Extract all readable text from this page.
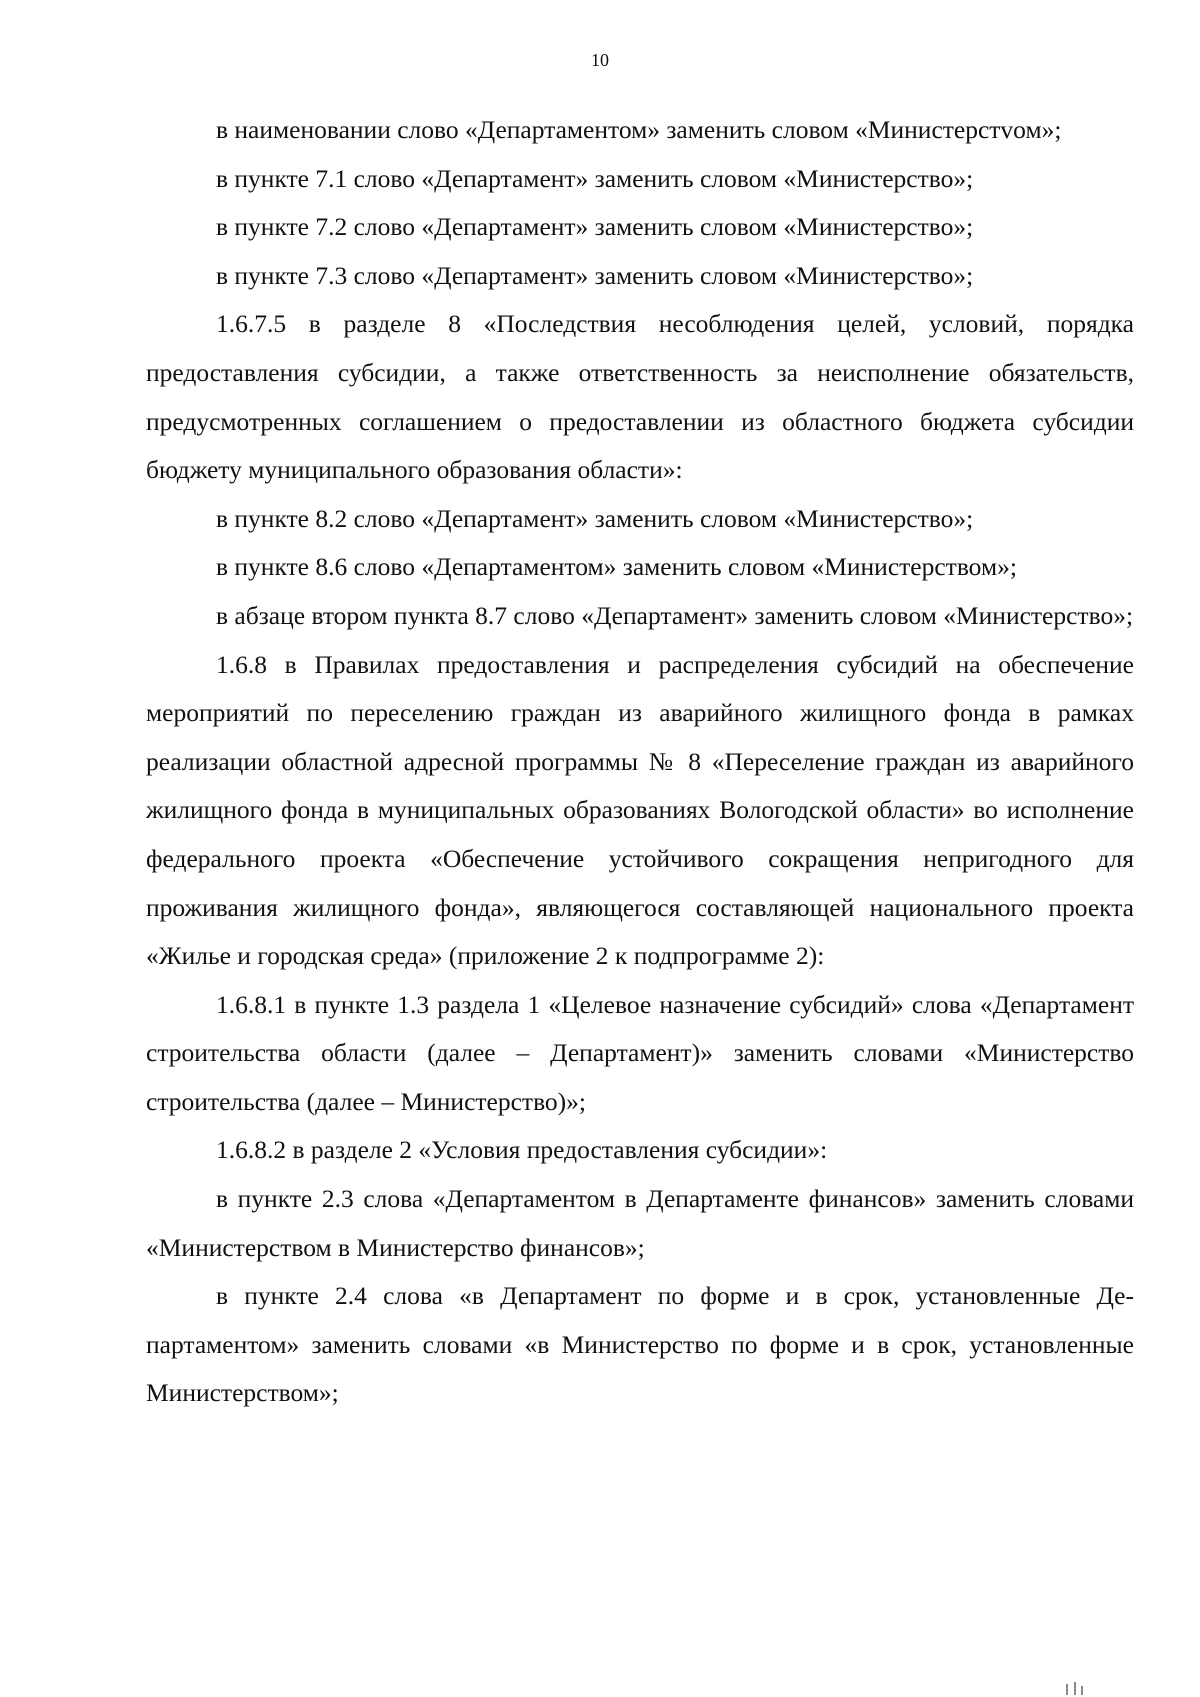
10

в наименовании слово «Департаментом» заменить словом «Министерстvом»;

в пункте 7.1 слово «Департамент» заменить словом «Министерство»;

в пункте 7.2 слово «Департамент» заменить словом «Министерство»;

в пункте 7.3 слово «Департамент» заменить словом «Министерство»;

1.6.7.5 в разделе 8 «Последствия несоблюдения целей, условий, порядка предоставления субсидии, а также ответственность за неисполнение обязательств, предусмотренных соглашением о предоставлении из областного бюджета субсидии бюджету муниципального образования области»:

в пункте 8.2 слово «Департамент» заменить словом «Министерство»;

в пункте 8.6 слово «Департаментом» заменить словом «Министерством»;

в абзаце втором пункта 8.7 слово «Департамент» заменить словом «Министерство»;

1.6.8 в Правилах предоставления и распределения субсидий на обеспечение мероприятий по переселению граждан из аварийного жилищного фонда в рамках реализации областной адресной программы № 8 «Переселение граждан из аварийного жилищного фонда в муниципальных образованиях Вологодской области» во исполнение федерального проекта «Обеспечение устойчивого сокращения непригодного для проживания жилищного фонда», являющегося составляющей национального проекта «Жилье и городская среда» (приложение 2 к подпрограмме 2):

1.6.8.1 в пункте 1.3 раздела 1 «Целевое назначение субсидий» слова «Департамент строительства области (далее – Департамент)» заменить словами «Министерство строительства (далее – Министерство)»;

1.6.8.2 в разделе 2 «Условия предоставления субсидии»:

в пункте 2.3 слова «Департаментом в Департаменте финансов» заменить словами «Министерством в Министерство финансов»;

в пункте 2.4 слова «в Департамент по форме и в срок, установленные Департаментом» заменить словами «в Министерство по форме и в срок, установленные Министерством»;
